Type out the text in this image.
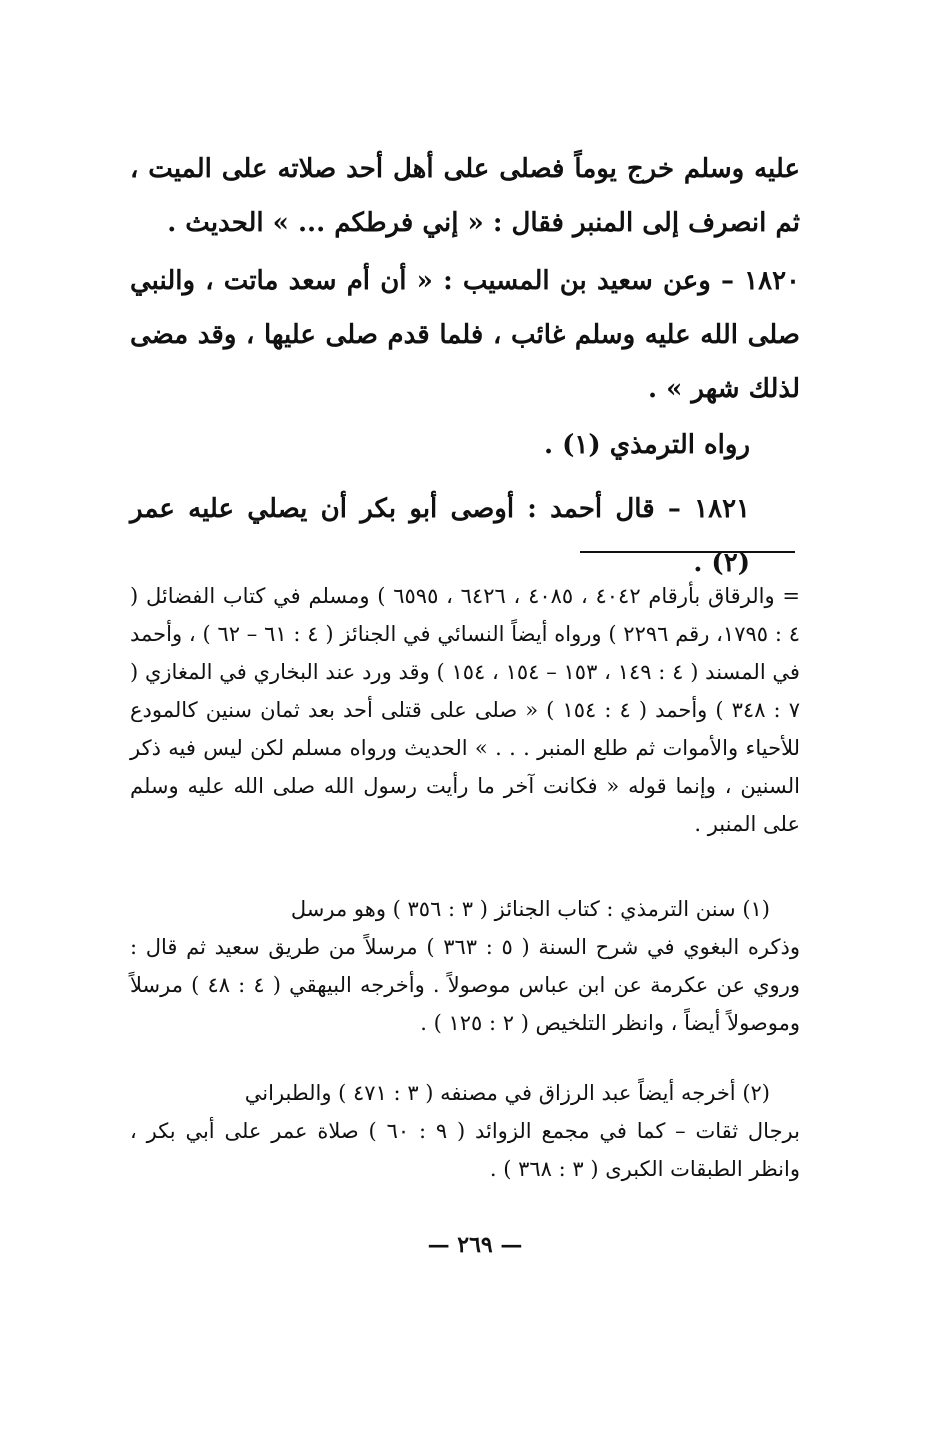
عليه وسلم خرج يوماً فصلى على أهل أحد صلاته على الميت ، ثم انصرف إلى المنبر فقال : « إني فرطكم ... » الحديث .

١٨٢٠ – وعن سعيد بن المسيب : « أن أم سعد ماتت ، والنبي صلى الله عليه وسلم غائب ، فلما قدم صلى عليها ، وقد مضى لذلك شهر » .

رواه الترمذي (١) .

١٨٢١ – قال أحمد : أوصى أبو بكر أن يصلي عليه عمر (٢) .

= والرقاق بأرقام ٤٠٤٢ ، ٤٠٨٥ ، ٦٤٢٦ ، ٦٥٩٥ ) ومسلم في كتاب الفضائل ( ٤ : ١٧٩٥، رقم ٢٢٩٦ ) ورواه أيضاً النسائي في الجنائز ( ٤ : ٦١ – ٦٢ ) ، وأحمد في المسند ( ٤ : ١٤٩ ، ١٥٣ – ١٥٤ ، ١٥٤ ) وقد ورد عند البخاري في المغازي ( ٧ : ٣٤٨ ) وأحمد ( ٤ : ١٥٤ ) « صلى على قتلى أحد بعد ثمان سنين كالمودع للأحياء والأموات ثم طلع المنبر . . . » الحديث ورواه مسلم لكن ليس فيه ذكر السنين ، وإنما قوله « فكانت آخر ما رأيت رسول الله صلى الله عليه وسلم على المنبر .

(١) سنن الترمذي : كتاب الجنائز ( ٣ : ٣٥٦ ) وهو مرسل
وذكره البغوي في شرح السنة ( ٥ : ٣٦٣ ) مرسلاً من طريق سعيد ثم قال : وروي عن عكرمة عن ابن عباس موصولاً . وأخرجه البيهقي ( ٤ : ٤٨ ) مرسلاً وموصولاً أيضاً ، وانظر التلخيص ( ٢ : ١٢٥ ) .

(٢) أخرجه أيضاً عبد الرزاق في مصنفه ( ٣ : ٤٧١ ) والطبراني
برجال ثقات – كما في مجمع الزوائد ( ٩ : ٦٠ ) صلاة عمر على أبي بكر ، وانظر الطبقات الكبرى ( ٣ : ٣٦٨ ) .

— ٢٦٩ —
